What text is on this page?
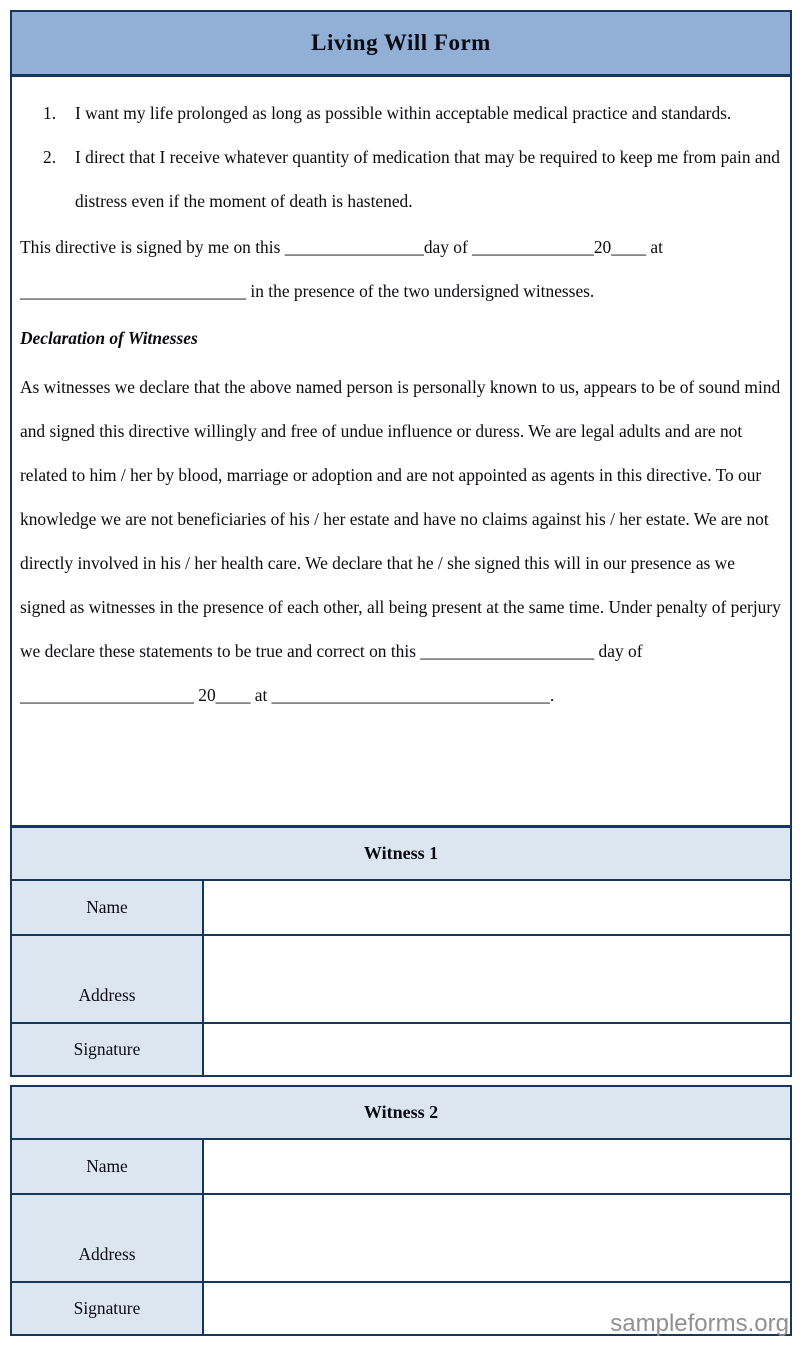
Living Will Form
1.	I want my life prolonged as long as possible within acceptable medical practice and standards.
2.	I direct that I receive whatever quantity of medication that may be required to keep me from pain and distress even if the moment of death is hastened.

This directive is signed by me on this ________________day of ______________20____ at __________________________ in the presence of the two undersigned witnesses.

Declaration of Witnesses

As witnesses we declare that the above named person is personally known to us, appears to be of sound mind and signed this directive willingly and free of undue influence or duress. We are legal adults and are not related to him / her by blood, marriage or adoption and are not appointed as agents in this directive. To our knowledge we are not beneficiaries of his / her estate and have no claims against his / her estate. We are not directly involved in his / her health care. We declare that he / she signed this will in our presence as we signed as witnesses in the presence of each other, all being present at the same time. Under penalty of perjury we declare these statements to be true and correct on this ____________________ day of ____________________ 20____ at ________________________________.

Witness 1
Name
Address
Signature
Witness 2
Name
Address
Signature
sampleforms.org
